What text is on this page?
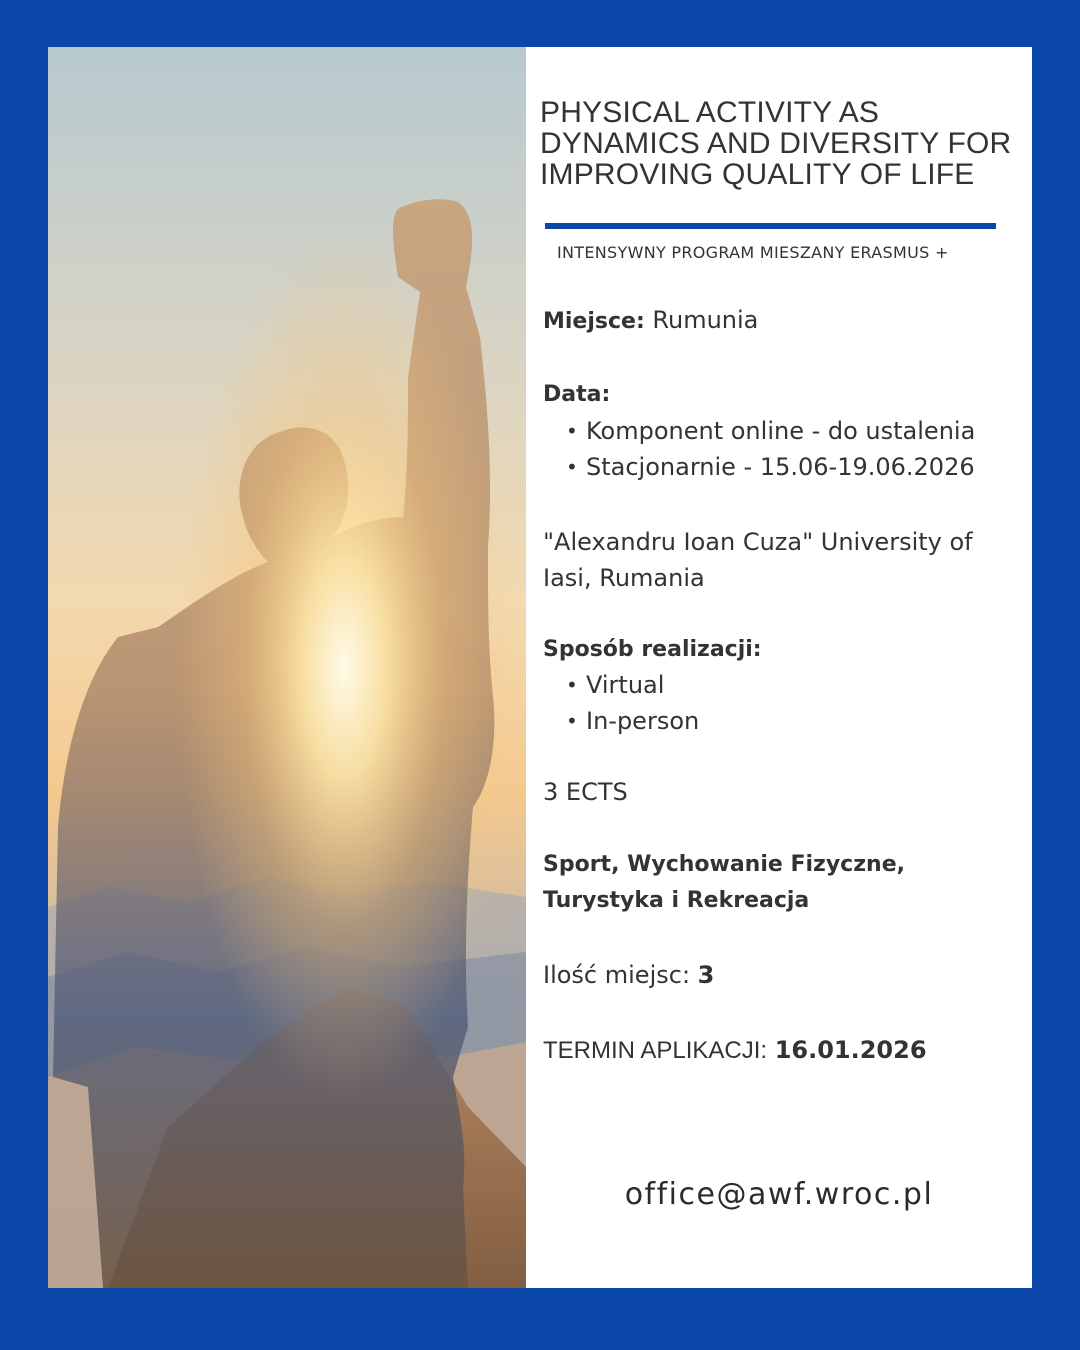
PHYSICAL ACTIVITY AS DYNAMICS AND DIVERSITY FOR IMPROVING QUALITY OF LIFE
INTENSYWNY PROGRAM MIESZANY ERASMUS +
Miejsce: Rumunia
Data:
• Komponent online - do ustalenia
• Stacjonarnie - 15.06-19.06.2026
"Alexandru Ioan Cuza" University of Iasi, Rumania
Sposób realizacji:
• Virtual
• In-person
3 ECTS
Sport, Wychowanie Fizyczne, Turystyka i Rekreacja
Ilość miejsc: 3
TERMIN APLIKACJI: 16.01.2026
office@awf.wroc.pl
